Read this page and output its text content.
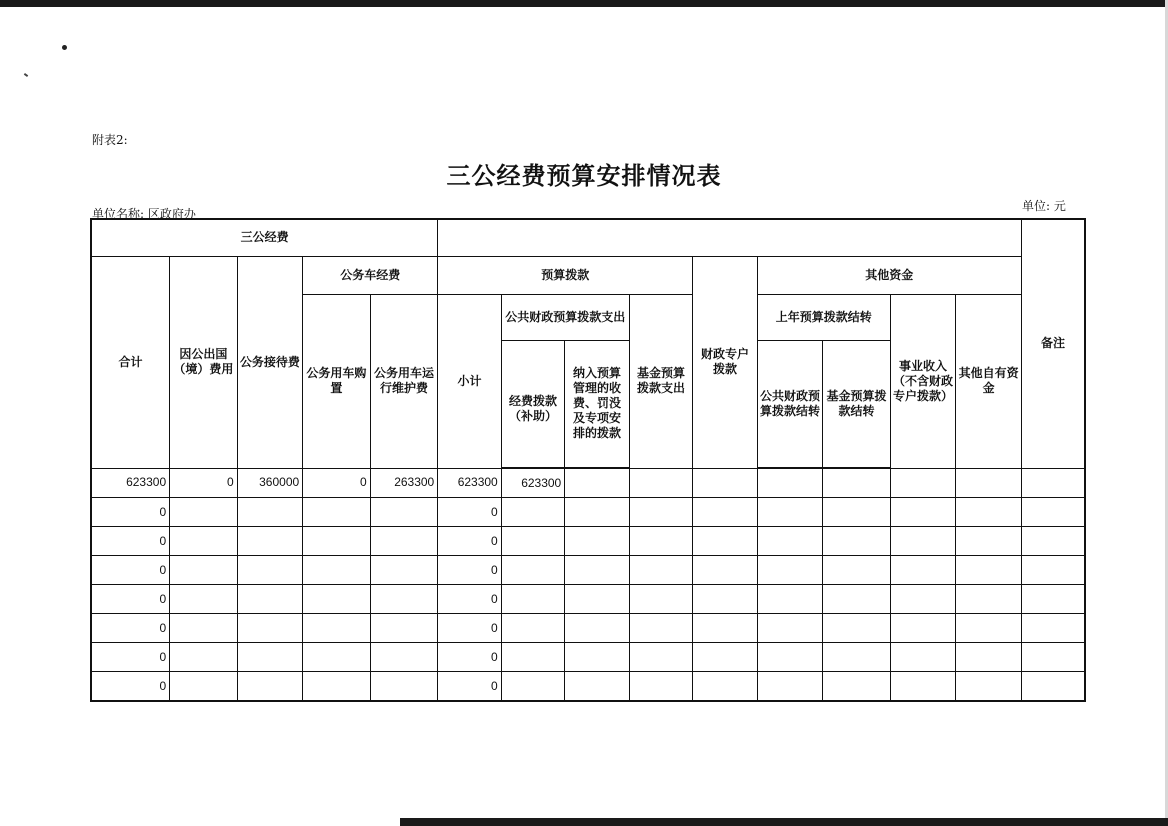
附表2:
三公经费预算安排情况表
单位名称: 区政府办
单位: 元
三公经费														备注
合计	因公出国（境）费用	公务接待费	公务车经费		预算拨款				财政专户拨款	其他资金				
			公务用车购置	公务用车运行维护费	小计	公共财政预算拨款支出		基金预算拨款支出		上年预算拨款结转		事业收入（不含财政专户拨款）	其他自有资金	
						经费拨款（补助）	纳入预算管理的收费、罚没及专项安排的拨款			公共财政预算拨款结转	基金预算拨款结转			
623300	0	360000	0	263300	623300	623300								
0					0									
0					0									
0					0									
0					0									
0					0									
0					0									
0					0									
